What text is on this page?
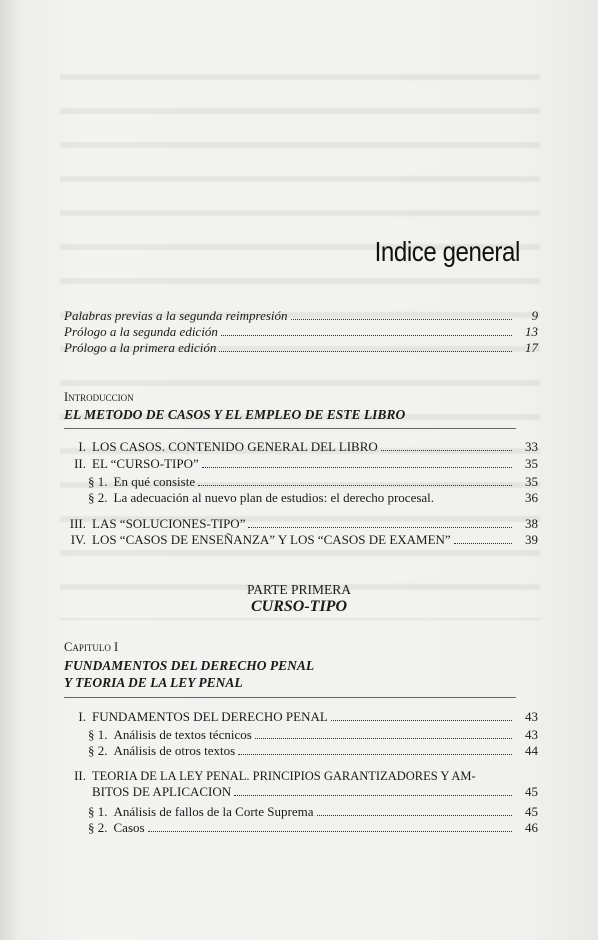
Indice general
Palabras previas a la segunda reimpresión	9
Prólogo a la segunda edición	13
Prólogo a la primera edición	17
Introduccion
EL METODO DE CASOS Y EL EMPLEO DE ESTE LIBRO
I. LOS CASOS. CONTENIDO GENERAL DEL LIBRO	33
II. EL “CURSO-TIPO”	35
§ 1. En qué consiste	35
§ 2. La adecuación al nuevo plan de estudios: el derecho procesal.	36
III. LAS “SOLUCIONES-TIPO”	38
IV. LOS “CASOS DE ENSEÑANZA” Y LOS “CASOS DE EXAMEN”	39
PARTE PRIMERA
CURSO-TIPO
Capitulo I
FUNDAMENTOS DEL DERECHO PENAL
Y TEORIA DE LA LEY PENAL
I. FUNDAMENTOS DEL DERECHO PENAL	43
§ 1. Análisis de textos técnicos	43
§ 2. Análisis de otros textos	44
II. TEORIA DE LA LEY PENAL. PRINCIPIOS GARANTIZADORES Y AM-
BITOS DE APLICACION	45
§ 1. Análisis de fallos de la Corte Suprema	45
§ 2. Casos	46
